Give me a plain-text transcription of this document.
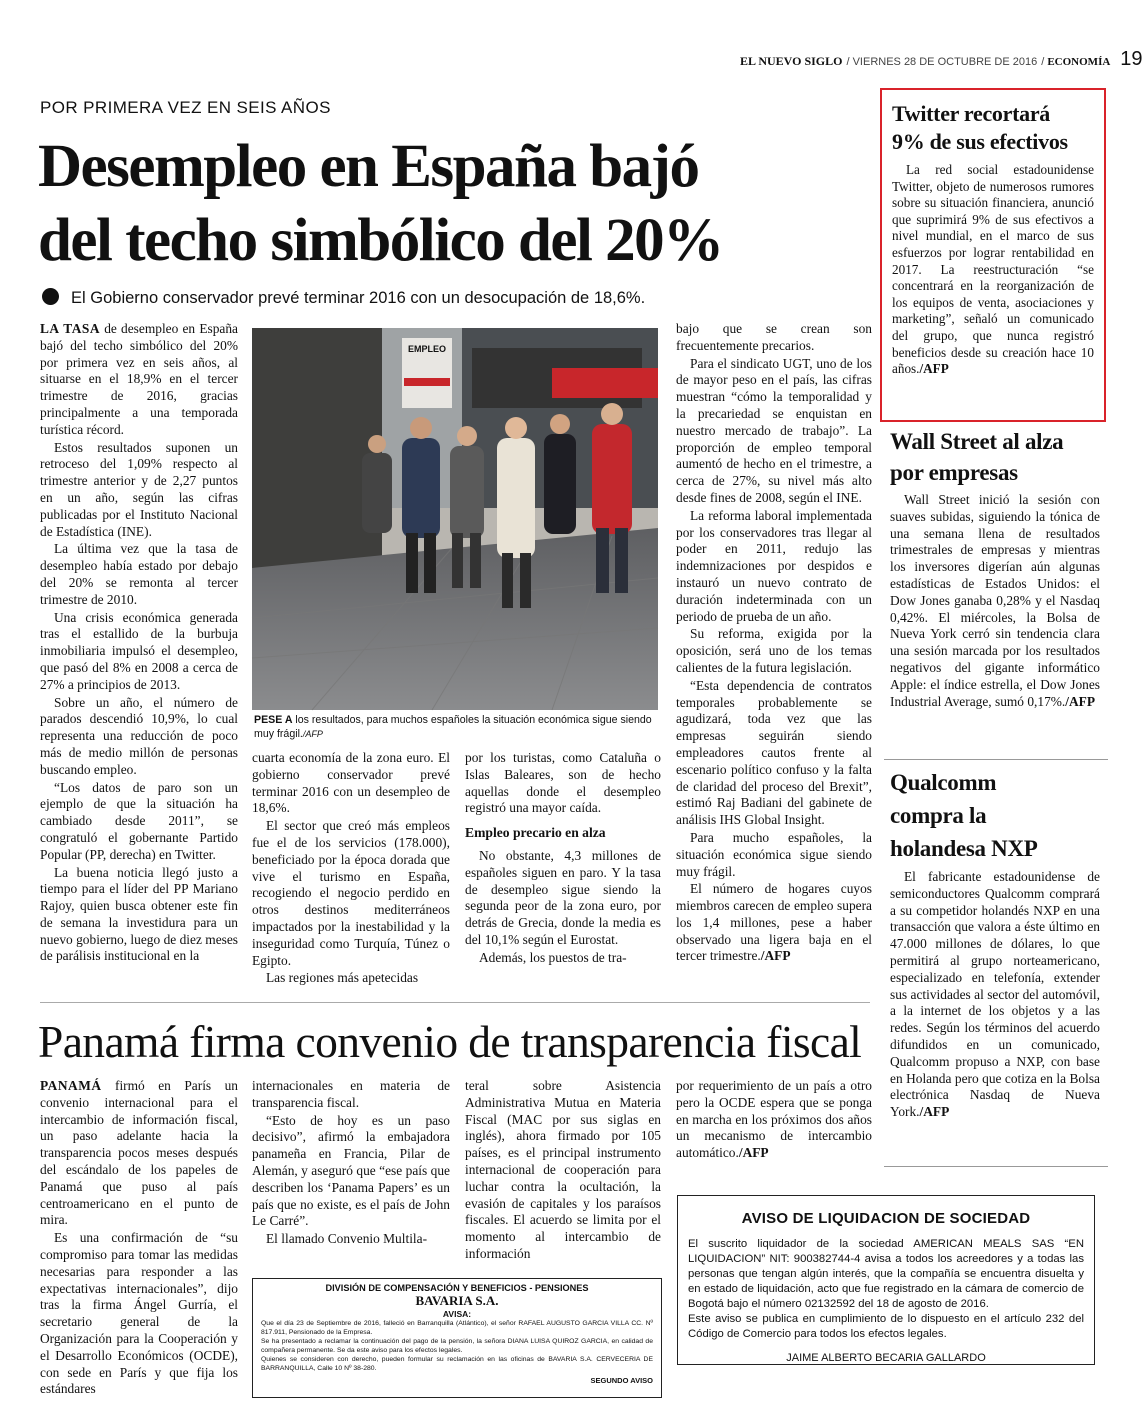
EL NUEVO SIGLO / VIERNES 28 DE OCTUBRE DE 2016 / ECONOMÍA 19
POR PRIMERA VEZ EN SEIS AÑOS
Desempleo en España bajó
del techo simbólico del 20%
El Gobierno conservador prevé terminar 2016 con un desocupación de 18,6%.

LA TASA de desempleo en España bajó del techo simbólico del 20% por primera vez en seis años, al situarse en el 18,9% en el tercer trimestre de 2016, gracias principalmente a una temporada turística récord.

Estos resultados suponen un retroceso del 1,09% respecto al trimestre anterior y de 2,27 puntos en un año, según las cifras publicadas por el Instituto Nacional de Estadística (INE).

La última vez que la tasa de desempleo había estado por debajo del 20% se remonta al tercer trimestre de 2010.

Una crisis económica generada tras el estallido de la burbuja inmobiliaria impulsó el desempleo, que pasó del 8% en 2008 a cerca de 27% a principios de 2013.

Sobre un año, el número de parados descendió 10,9%, lo cual representa una reducción de poco más de medio millón de personas buscando empleo.

“Los datos de paro son un ejemplo de que la situación ha cambiado desde 2011”, se congratuló el gobernante Partido Popular (PP, derecha) en Twitter.

La buena noticia llegó justo a tiempo para el líder del PP Mariano Rajoy, quien busca obtener este fin de semana la investidura para un nuevo gobierno, luego de diez meses de parálisis institucional en la

EMPLEO
PESE A los resultados, para muchos españoles la situación económica sigue siendo muy frágil./AFP

cuarta economía de la zona euro. El gobierno conservador prevé terminar 2016 con un desempleo de 18,6%.

El sector que creó más empleos fue el de los servicios (178.000), beneficiado por la época dorada que vive el turismo en España, recogiendo el negocio perdido en otros destinos mediterráneos impactados por la inestabilidad y la inseguridad como Turquía, Túnez o Egipto.

Las regiones más apetecidas

por los turistas, como Cataluña o Islas Baleares, son de hecho aquellas donde el desempleo registró una mayor caída.

Empleo precario en alza

No obstante, 4,3 millones de españoles siguen en paro. Y la tasa de desempleo sigue siendo la segunda peor de la zona euro, por detrás de Grecia, donde la media es del 10,1% según el Eurostat.

Además, los puestos de tra-

bajo que se crean son frecuentemente precarios.

Para el sindicato UGT, uno de los de mayor peso en el país, las cifras muestran “cómo la temporalidad y la precariedad se enquistan en nuestro mercado de trabajo”. La proporción de empleo temporal aumentó de hecho en el trimestre, a cerca de 27%, su nivel más alto desde fines de 2008, según el INE.

La reforma laboral implementada por los conservadores tras llegar al poder en 2011, redujo las indemnizaciones por despidos e instauró un nuevo contrato de duración indeterminada con un periodo de prueba de un año.

Su reforma, exigida por la oposición, será uno de los temas calientes de la futura legislación.

“Esta dependencia de contratos temporales probablemente se agudizará, toda vez que las empresas seguirán siendo empleadores cautos frente al escenario político confuso y la falta de claridad del proceso del Brexit”, estimó Raj Badiani del gabinete de análisis IHS Global Insight.

Para mucho españoles, la situación económica sigue siendo muy frágil.

El número de hogares cuyos miembros carecen de empleo supera los 1,4 millones, pese a haber observado una ligera baja en el tercer trimestre./AFP

Twitter recortará
9% de sus efectivos

La red social estadounidense Twitter, objeto de numerosos rumores sobre su situación financiera, anunció que suprimirá 9% de sus efectivos a nivel mundial, en el marco de sus esfuerzos por lograr rentabilidad en 2017. La reestructuración “se concentrará en la reorganización de los equipos de venta, asociaciones y marketing”, señaló un comunicado del grupo, que nunca registró beneficios desde su creación hace 10 años./AFP

Wall Street al alza
por empresas

Wall Street inició la sesión con suaves subidas, siguiendo la tónica de una semana llena de resultados trimestrales de empresas y mientras los inversores digerían aún algunas estadísticas de Estados Unidos: el Dow Jones ganaba 0,28% y el Nasdaq 0,42%. El miércoles, la Bolsa de Nueva York cerró sin tendencia clara una sesión marcada por los resultados negativos del gigante informático Apple: el índice estrella, el Dow Jones Industrial Average, sumó 0,17%./AFP

Qualcomm
compra la
holandesa NXP

El fabricante estadounidense de semiconductores Qualcomm comprará a su competidor holandés NXP en una transacción que valora a éste último en 47.000 millones de dólares, lo que permitirá al grupo norteamericano, especializado en telefonía, extender sus actividades al sector del automóvil, a la internet de los objetos y a las redes. Según los términos del acuerdo difundidos en un comunicado, Qualcomm propuso a NXP, con base en Holanda pero que cotiza en la Bolsa electrónica Nasdaq de Nueva York./AFP

Panamá firma convenio de transparencia fiscal

PANAMÁ firmó en París un convenio internacional para el intercambio de información fiscal, un paso adelante hacia la transparencia pocos meses después del escándalo de los papeles de Panamá que puso al país centroamericano en el punto de mira.

Es una confirmación de “su compromiso para tomar las medidas necesarias para responder a las expectativas internacionales”, dijo tras la firma Ángel Gurría, el secretario general de la Organización para la Cooperación y el Desarrollo Económicos (OCDE), con sede en París y que fija los estándares

internacionales en materia de transparencia fiscal.

“Esto de hoy es un paso decisivo”, afirmó la embajadora panameña en Francia, Pilar de Alemán, y aseguró que “ese país que describen los ‘Panama Papers’ es un país que no existe, es el país de John Le Carré”.

El llamado Convenio Multila-

teral sobre Asistencia Administrativa Mutua en Materia Fiscal (MAC por sus siglas en inglés), ahora firmado por 105 países, es el principal instrumento internacional de cooperación para luchar contra la ocultación, la evasión de capitales y los paraísos fiscales. El acuerdo se limita por el momento al intercambio de información

por requerimiento de un país a otro pero la OCDE espera que se ponga en marcha en los próximos dos años un mecanismo de intercambio automático./AFP

DIVISIÓN DE COMPENSACIÓN Y BENEFICIOS - PENSIONES
BAVARIA S.A.
AVISA:
Que el día 23 de Septiembre de 2016, falleció en Barranquilla (Atlántico), el señor RAFAEL AUGUSTO GARCIA VILLA CC. Nº 817.911, Pensionado de la Empresa.
Se ha presentado a reclamar la continuación del pago de la pensión, la señora DIANA LUISA QUIROZ GARCIA, en calidad de compañera permanente. Se da este aviso para los efectos legales.
Quienes se consideren con derecho, pueden formular su reclamación en las oficinas de BAVARIA S.A. CERVECERIA DE BARRANQUILLA, Calle 10 Nº 38-280.
SEGUNDO AVISO
AVISO DE LIQUIDACION DE SOCIEDAD
El suscrito liquidador de la sociedad AMERICAN MEALS SAS “EN LIQUIDACION” NIT: 900382744-4 avisa a todos los acreedores y a todas las personas que tengan algún interés, que la compañía se encuentra disuelta y en estado de liquidación, acto que fue registrado en la cámara de comercio de Bogotá bajo el número 02132592 del 18 de agosto de 2016.
Este aviso se publica en cumplimiento de lo dispuesto en el artículo 232 del Código de Comercio para todos los efectos legales.
JAIME ALBERTO BECARIA GALLARDO
